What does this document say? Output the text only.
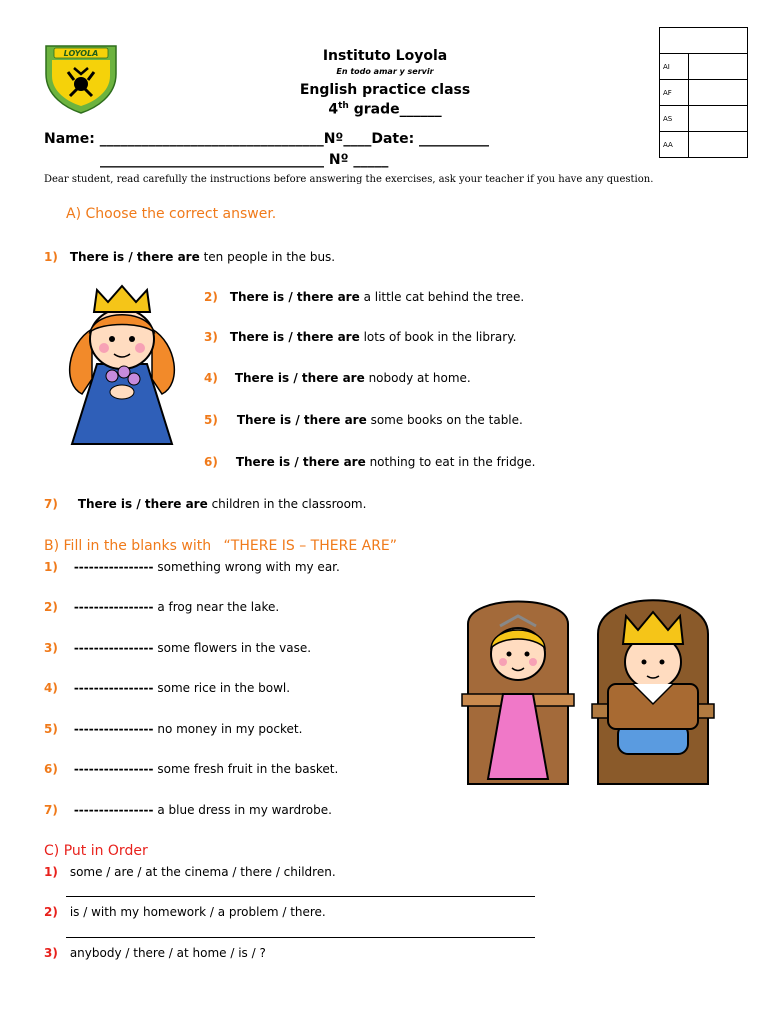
LOYOLA	Instituto Loyola
En todo amar y servir
English practice class
4th grade______

AI	
AF	
AS	
AA	
Name: ________________________________Nº____Date: __________
________________________________ Nº _____
Dear student, read carefully the instructions before answering the exercises, ask your teacher if you have any question.
A) Choose the correct answer.
1) There is / there are ten people in the bus.
2) There is / there are a little cat behind the tree.
3) There is / there are lots of book in the library.
4) There is / there are nobody at home.
5) There is / there are some books on the table.
6) There is / there are nothing to eat in the fridge.
7) There is / there are children in the classroom.
B) Fill in the blanks with “THERE IS – THERE ARE”
1) ---------------- something wrong with my ear.
2) ---------------- a frog near the lake.
3) ---------------- some flowers in the vase.
4) ---------------- some rice in the bowl.
5) ---------------- no money in my pocket.
6) ---------------- some fresh fruit in the basket.
7) ---------------- a blue dress in my wardrobe.
C) Put in Order
1) some / are / at the cinema / there / children.
2) is / with my homework / a problem / there.
3) anybody / there / at home / is / ?
